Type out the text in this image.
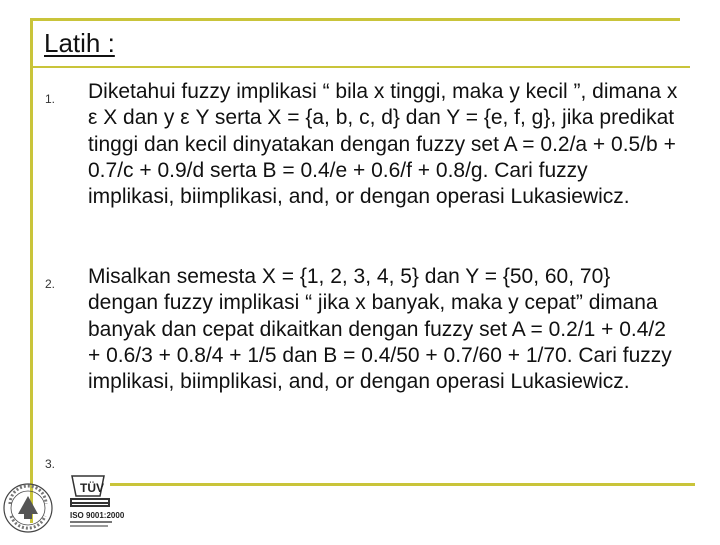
Latih :
1. Diketahui fuzzy implikasi “ bila x tinggi, maka y kecil ”, dimana x ε X dan y ε Y serta X = {a, b, c, d} dan Y = {e, f, g}, jika predikat tinggi dan kecil dinyatakan dengan fuzzy set A = 0.2/a + 0.5/b + 0.7/c + 0.9/d serta B = 0.4/e + 0.6/f + 0.8/g. Cari fuzzy implikasi, biimplikasi, and, or dengan operasi Lukasiewicz.
2. Misalkan semesta X = {1, 2, 3, 4, 5} dan Y = {50, 60, 70} dengan fuzzy implikasi “ jika x banyak, maka y cepat” dimana banyak dan cepat dikaitkan dengan fuzzy set A = 0.2/1 + 0.4/2 + 0.6/3 + 0.8/4 + 1/5 dan B = 0.4/50 + 0.7/60 + 1/70. Cari fuzzy implikasi, biimplikasi, and, or dengan operasi Lukasiewicz.
3.
TÜV
ISO 9001:2000
